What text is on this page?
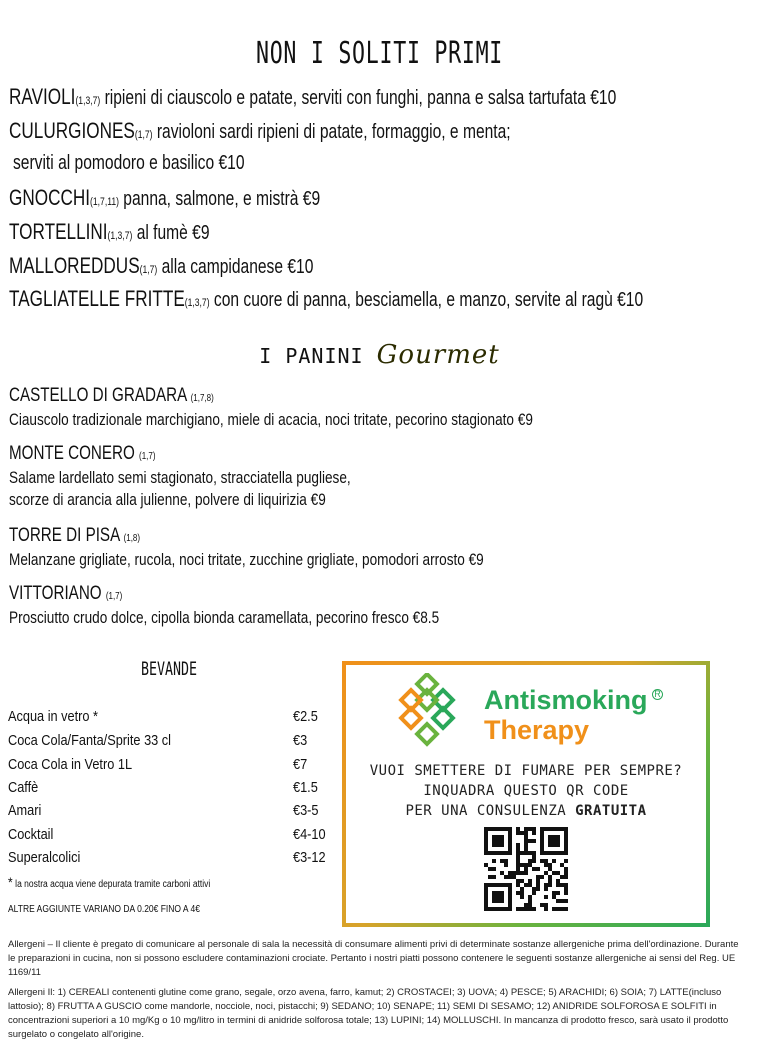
NON I SOLITI PRIMI
RAVIOLI(1,3,7) ripieni di ciauscolo e patate, serviti con funghi, panna e salsa tartufata €10
CULURGIONES(1,7) ravioloni sardi ripieni di patate, formaggio, e menta;
serviti al pomodoro e basilico €10
GNOCCHI(1,7,11) panna, salmone, e mistrà €9
TORTELLINI(1,3,7) al fumè €9
MALLOREDDUS(1,7) alla campidanese €10
TAGLIATELLE FRITTE(1,3,7) con cuore di panna, besciamella, e manzo, servite al ragù €10
I PANINI Gourmet
CASTELLO DI GRADARA (1,7,8)
Ciauscolo tradizionale marchigiano, miele di acacia, noci tritate, pecorino stagionato €9
MONTE CONERO (1,7)
Salame lardellato semi stagionato, stracciatella pugliese,
scorze di arancia alla julienne, polvere di liquirizia €9
TORRE DI PISA (1,8)
Melanzane grigliate, rucola, noci tritate, zucchine grigliate, pomodori arrosto €9
VITTORIANO (1,7)
Prosciutto crudo dolce, cipolla bionda caramellata, pecorino fresco €8.5
BEVANDE
Acqua in vetro *	€2.5
Coca Cola/Fanta/Sprite 33 cl	€3
Coca Cola in Vetro 1L	€7
Caffè	€1.5
Amari	€3-5
Cocktail	€4-10
Superalcolici	€3-12
* la nostra acqua viene depurata tramite carboni attivi
ALTRE AGGIUNTE VARIANO DA 0.20€ FINO A 4€
Antismoking R
Therapy
VUOI SMETTERE DI FUMARE PER SEMPRE?
INQUADRA QUESTO QR CODE
PER UNA CONSULENZA GRATUITA

Allergeni – Il cliente è pregato di comunicare al personale di sala la necessità di consumare alimenti privi di determinate sostanze allergeniche prima dell'ordinazione. Durante le preparazioni in cucina, non si possono escludere contaminazioni crociate. Pertanto i nostri piatti possono contenere le seguenti sostanze allergeniche ai sensi del Reg. UE 1169/11

Allergeni Il: 1) CEREALI contenenti glutine come grano, segale, orzo avena, farro, kamut; 2) CROSTACEI; 3) UOVA; 4) PESCE; 5) ARACHIDI; 6) SOIA; 7) LATTE(incluso lattosio); 8) FRUTTA A GUSCIO come mandorle, nocciole, noci, pistacchi; 9) SEDANO; 10) SENAPE; 11) SEMI DI SESAMO; 12) ANIDRIDE SOLFOROSA E SOLFITI in concentrazioni superiori a 10 mg/Kg o 10 mg/litro in termini di anidride solforosa totale; 13) LUPINI; 14) MOLLUSCHI. In mancanza di prodotto fresco, sarà usato il prodotto surgelato o congelato all'origine.
